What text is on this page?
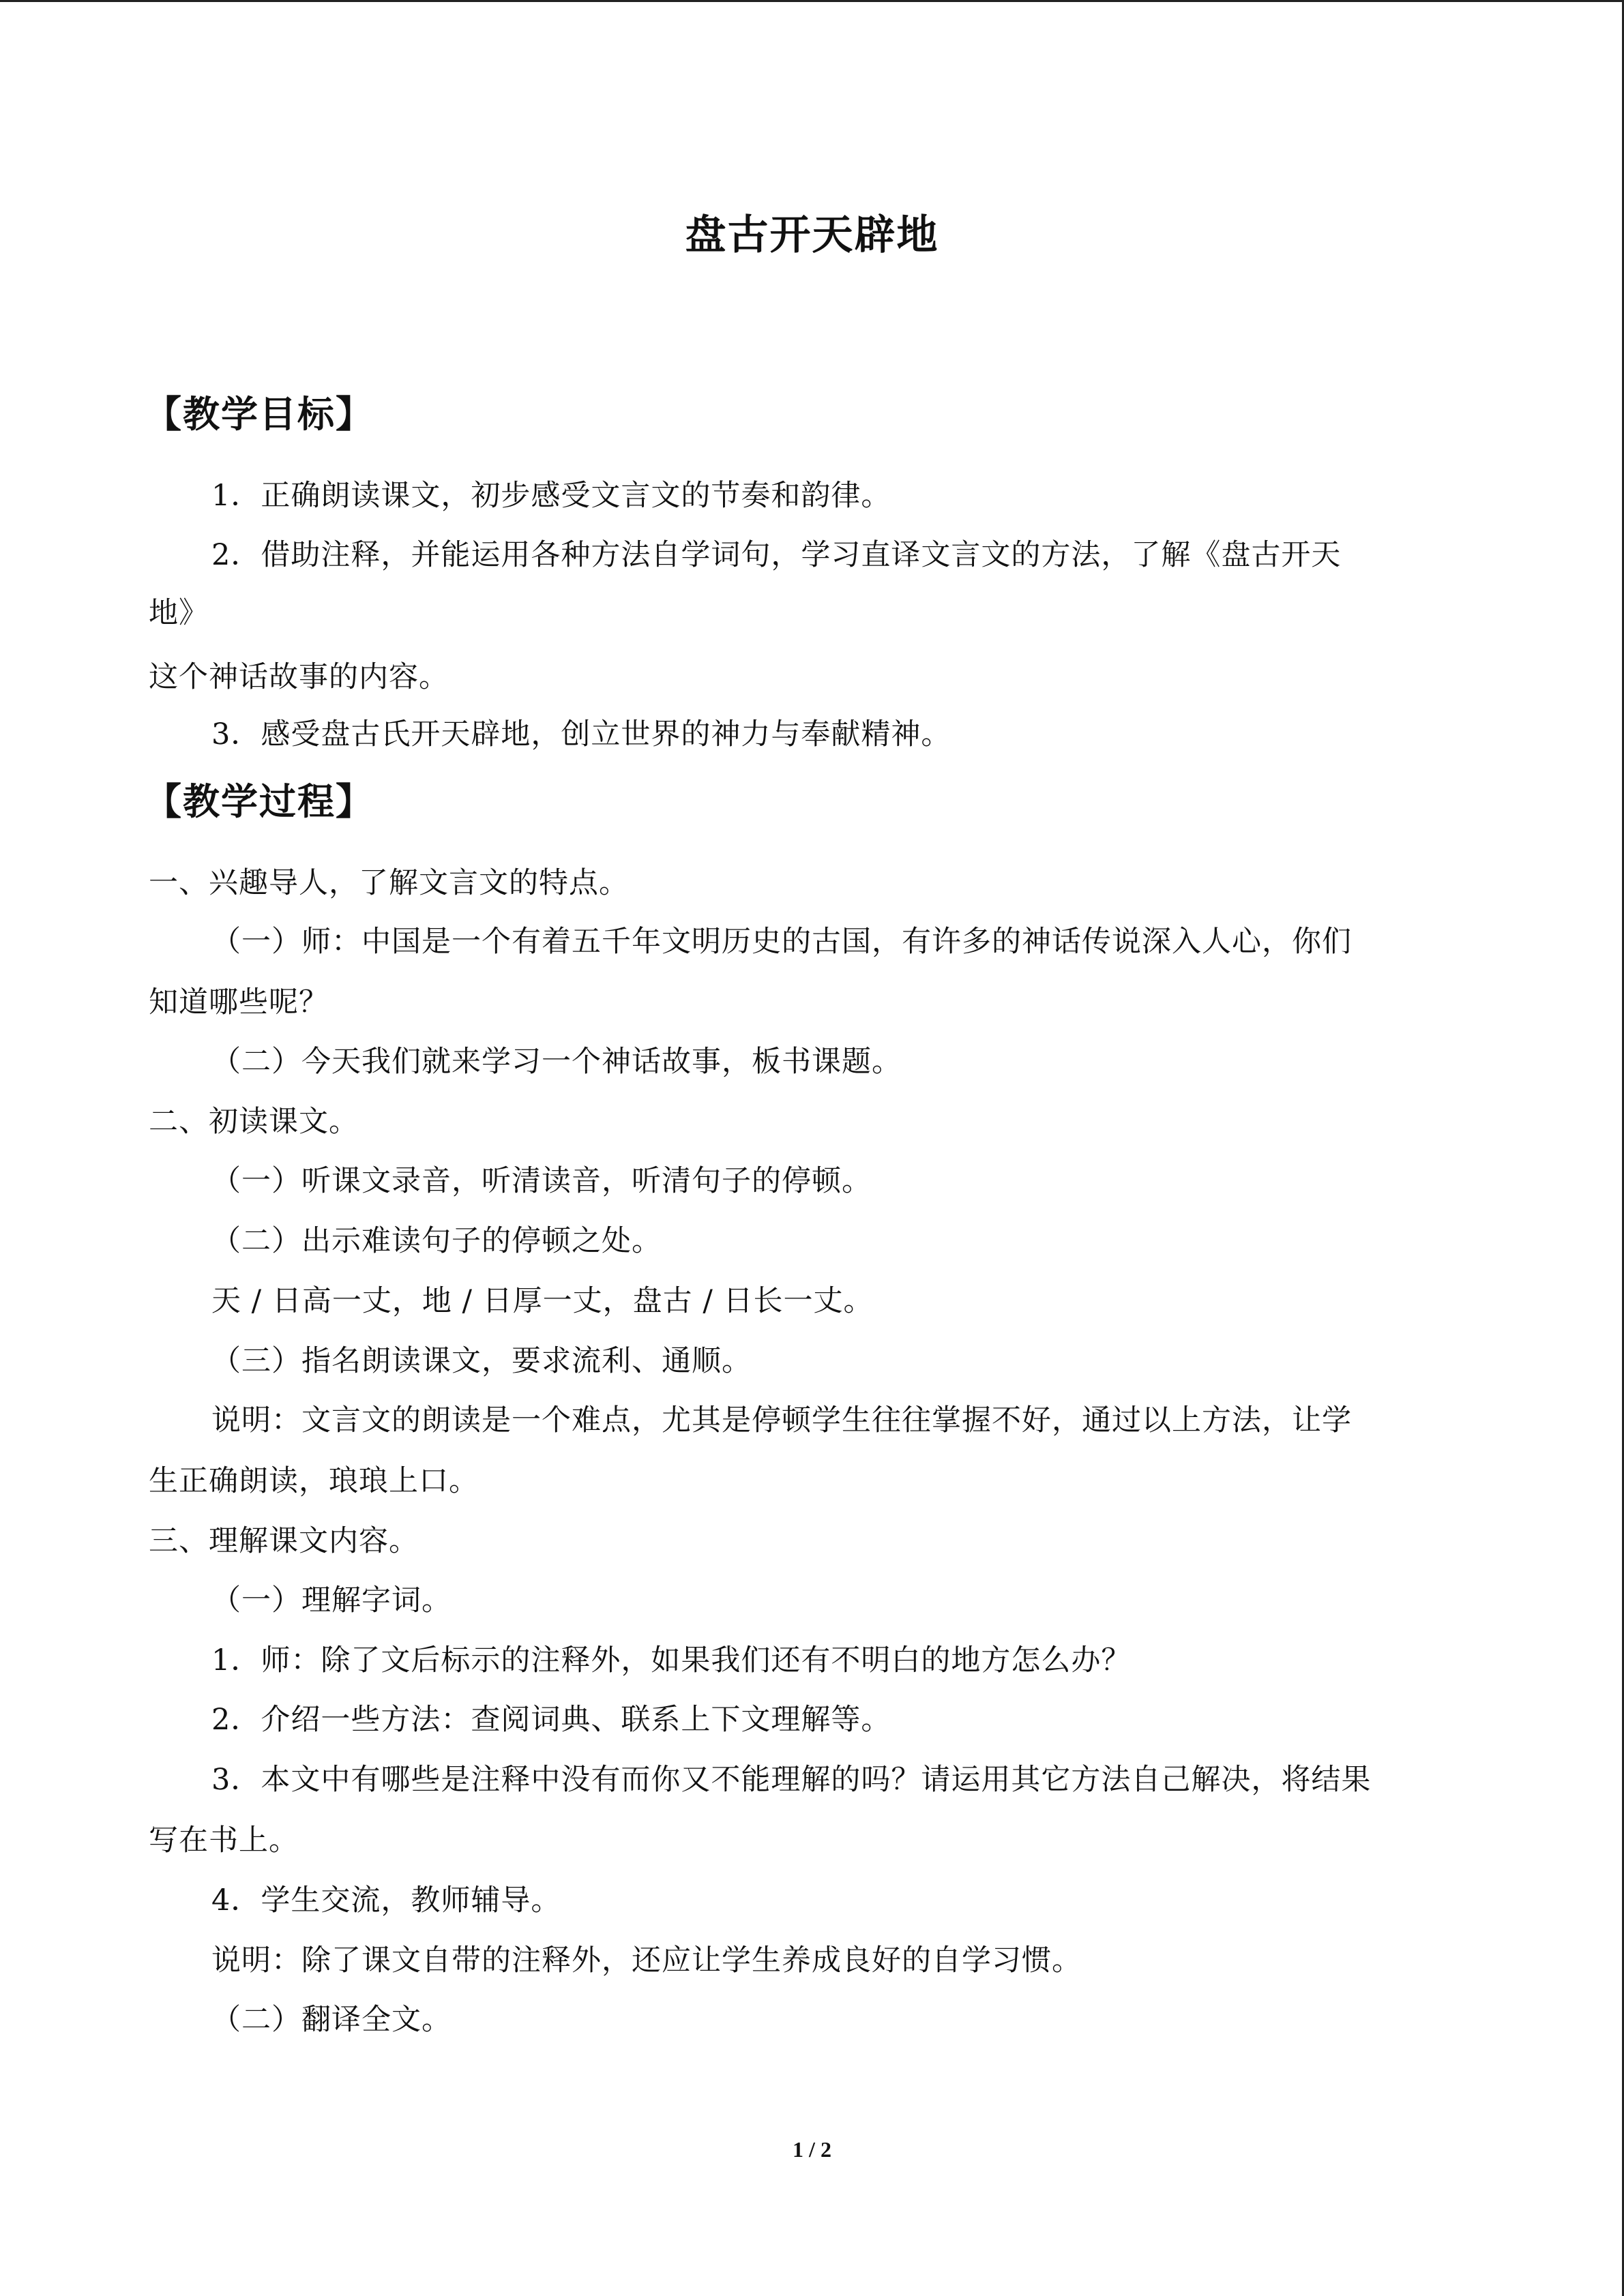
盘古开天辟地
【教学目标】
1．正确朗读课文，初步感受文言文的节奏和韵律。
2．借助注释，并能运用各种方法自学词句，学习直译文言文的方法，了解《盘古开天
地》
这个神话故事的内容。
3．感受盘古氏开天辟地，创立世界的神力与奉献精神。
【教学过程】
一、兴趣导人，了解文言文的特点。
（一）师：中国是一个有着五千年文明历史的古国，有许多的神话传说深入人心，你们
知道哪些呢？
（二）今天我们就来学习一个神话故事，板书课题。
二、初读课文。
（一）听课文录音，听清读音，听清句子的停顿。
（二）出示难读句子的停顿之处。
天 / 日高一丈，地 / 日厚一丈，盘古 / 日长一丈。
（三）指名朗读课文，要求流利、通顺。
说明：文言文的朗读是一个难点，尤其是停顿学生往往掌握不好，通过以上方法，让学
生正确朗读，琅琅上口。
三、理解课文内容。
（一）理解字词。
1．师：除了文后标示的注释外，如果我们还有不明白的地方怎么办？
2．介绍一些方法：查阅词典、联系上下文理解等。
3．本文中有哪些是注释中没有而你又不能理解的吗？请运用其它方法自己解决，将结果
写在书上。
4．学生交流，教师辅导。
说明：除了课文自带的注释外，还应让学生养成良好的自学习惯。
（二）翻译全文。
1 / 2
